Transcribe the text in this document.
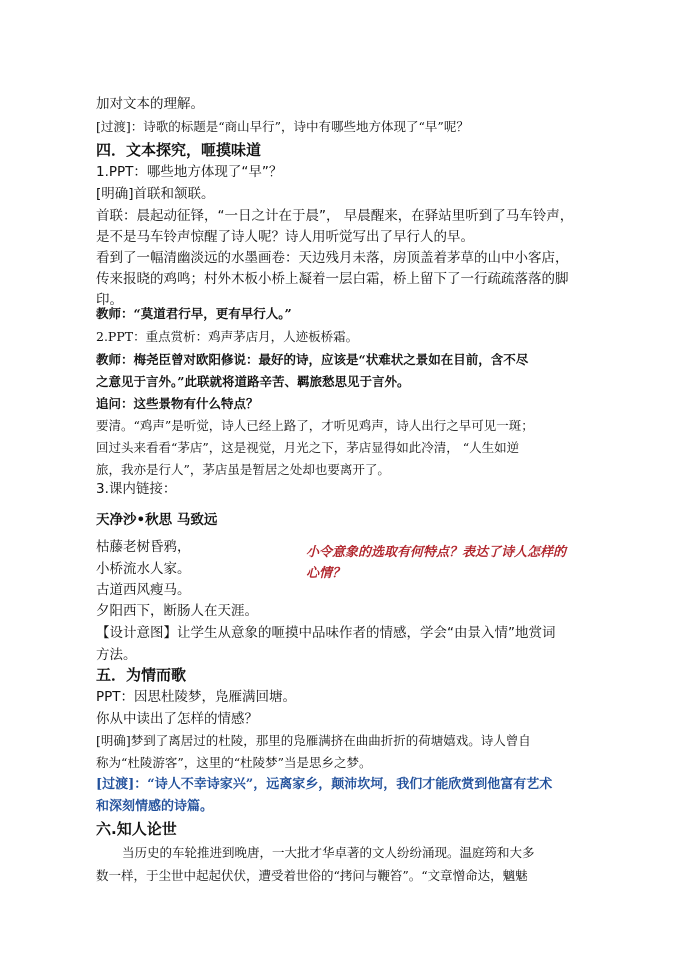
加对文本的理解。
[过渡]：诗歌的标题是“商山早行”，诗中有哪些地方体现了“早”呢？
四．文本探究，咂摸味道
1.PPT：哪些地方体现了“早”？
[明确]首联和颔联。
首联：晨起动征铎，“一日之计在于晨”， 早晨醒来，在驿站里听到了马车铃声，
是不是马车铃声惊醒了诗人呢？诗人用听觉写出了早行人的早。
看到了一幅清幽淡远的水墨画卷：天边残月未落，房顶盖着茅草的山中小客店，
传来报晓的鸡鸣；村外木板小桥上凝着一层白霜，桥上留下了一行疏疏落落的脚
印。
教师：“莫道君行早，更有早行人。”
2.PPT：重点赏析：鸡声茅店月，人迹板桥霜。
教师：梅尧臣曾对欧阳修说：最好的诗，应该是“状难状之景如在目前，含不尽
之意见于言外。”此联就将道路辛苦、羁旅愁思见于言外。
追问：这些景物有什么特点？
要清。“鸡声”是听觉，诗人已经上路了，才听见鸡声，诗人出行之早可见一斑；
回过头来看看“茅店”，这是视觉，月光之下，茅店显得如此冷清， “人生如逆
旅，我亦是行人”，茅店虽是暂居之处却也要离开了。
3.课内链接：
天净沙•秋思 马致远
枯藤老树昏鸦，
小桥流水人家。
古道西风瘦马。
夕阳西下，断肠人在天涯。
【设计意图】让学生从意象的咂摸中品味作者的情感，学会“由景入情”地赏词
方法。
五．为情而歌
PPT：因思杜陵梦，凫雁满回塘。
你从中读出了怎样的情感？
[明确]梦到了离居过的杜陵，那里的凫雁满挤在曲曲折折的荷塘嬉戏。诗人曾自
称为“杜陵游客”，这里的“杜陵梦”当是思乡之梦。
[过渡]：“诗人不幸诗家兴”，远离家乡，颠沛坎坷，我们才能欣赏到他富有艺术
和深刻情感的诗篇。
六.知人论世
当历史的车轮推进到晚唐，一大批才华卓著的文人纷纷涌现。温庭筠和大多
数一样，于尘世中起起伏伏，遭受着世俗的“拷问与鞭笞”。“文章憎命达，魑魅
小令意象的选取有何特点？表达了诗人怎样的心情？
